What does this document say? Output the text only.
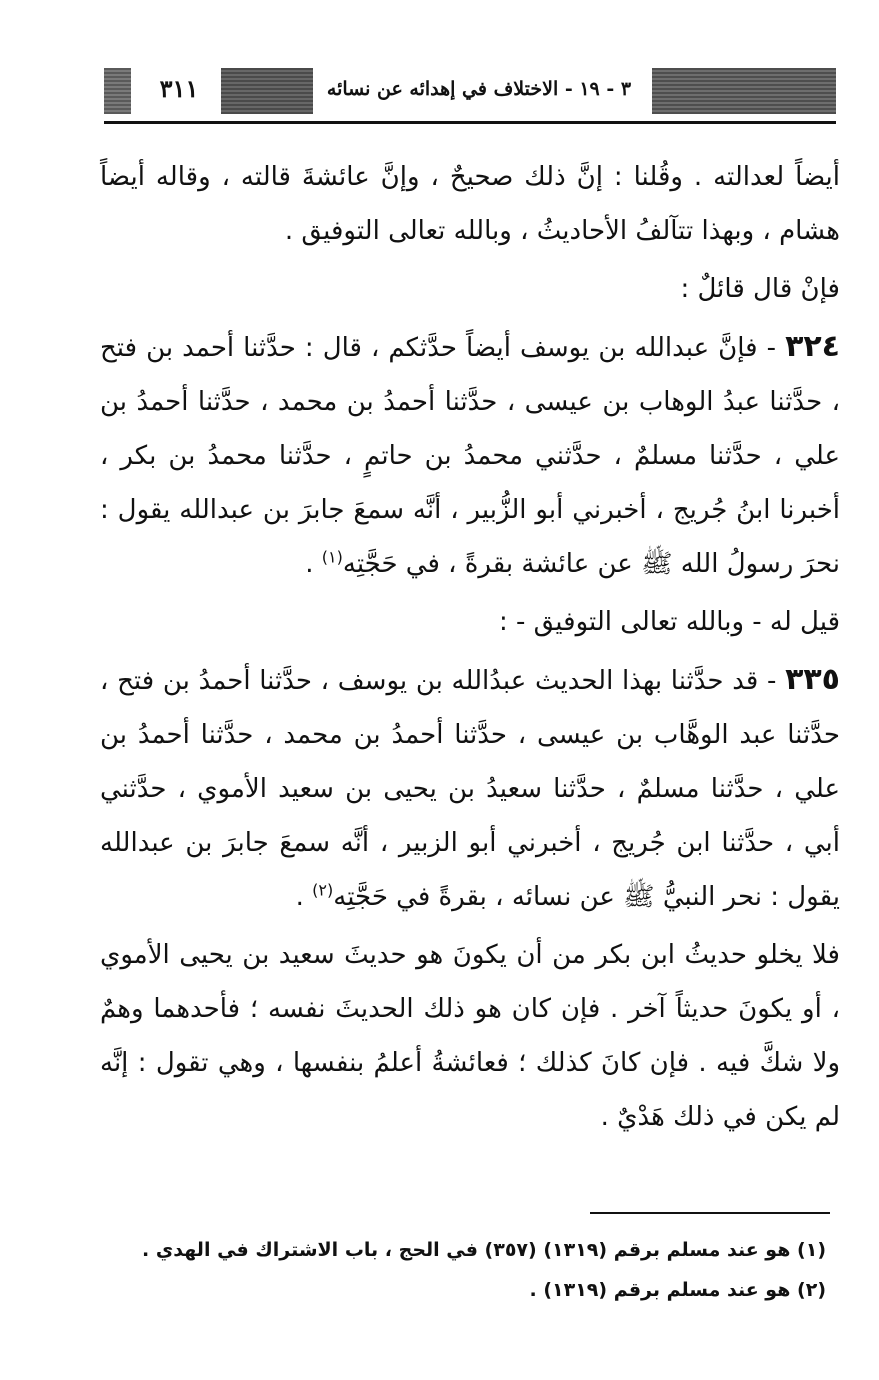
٣١١	٣ - ١٩ - الاختلاف في إهدائه عن نسائه

أيضاً لعدالته . وقُلنا : إنَّ ذلك صحيحٌ ، وإنَّ عائشةَ قالته ، وقاله أيضاً هشام ، وبهذا تتآلفُ الأحاديثُ ، وبالله تعالى التوفيق .

فإنْ قال قائلٌ :

٣٢٤ - فإنَّ عبدالله بن يوسف أيضاً حدَّثكم ، قال : حدَّثنا أحمد بن فتح ، حدَّثنا عبدُ الوهاب بن عيسى ، حدَّثنا أحمدُ بن محمد ، حدَّثنا أحمدُ بن علي ، حدَّثنا مسلمٌ ، حدَّثني محمدُ بن حاتمٍ ، حدَّثنا محمدُ بن بكر ، أخبرنا ابنُ جُريج ، أخبرني أبو الزُّبير ، أنَّه سمعَ جابرَ بن عبدالله يقول : نحرَ رسولُ الله ﷺ عن عائشة بقرةً ، في حَجَّتِه$^{(١)}$ .

قيل له - وبالله تعالى التوفيق - :

٣٣٥ - قد حدَّثنا بهذا الحديث عبدُالله بن يوسف ، حدَّثنا أحمدُ بن فتح ، حدَّثنا عبد الوهَّاب بن عيسى ، حدَّثنا أحمدُ بن محمد ، حدَّثنا أحمدُ بن علي ، حدَّثنا مسلمٌ ، حدَّثنا سعيدُ بن يحيى بن سعيد الأموي ، حدَّثني أبي ، حدَّثنا ابن جُريج ، أخبرني أبو الزبير ، أنَّه سمعَ جابرَ بن عبدالله يقول : نحر النبيُّ ﷺ عن نسائه ، بقرةً في حَجَّتِه$^{(٢)}$ .

فلا يخلو حديثُ ابن بكر من أن يكونَ هو حديثَ سعيد بن يحيى الأموي ، أو يكونَ حديثاً آخر . فإن كان هو ذلك الحديثَ نفسه ؛ فأحدهما وهمٌ ولا شكَّ فيه . فإن كانَ كذلك ؛ فعائشةُ أعلمُ بنفسها ، وهي تقول : إنَّه لم يكن في ذلك هَدْيٌ .

(١) هو عند مسلم برقم (١٣١٩) (٣٥٧) في الحج ، باب الاشتراك في الهدي .

(٢) هو عند مسلم برقم (١٣١٩) .
